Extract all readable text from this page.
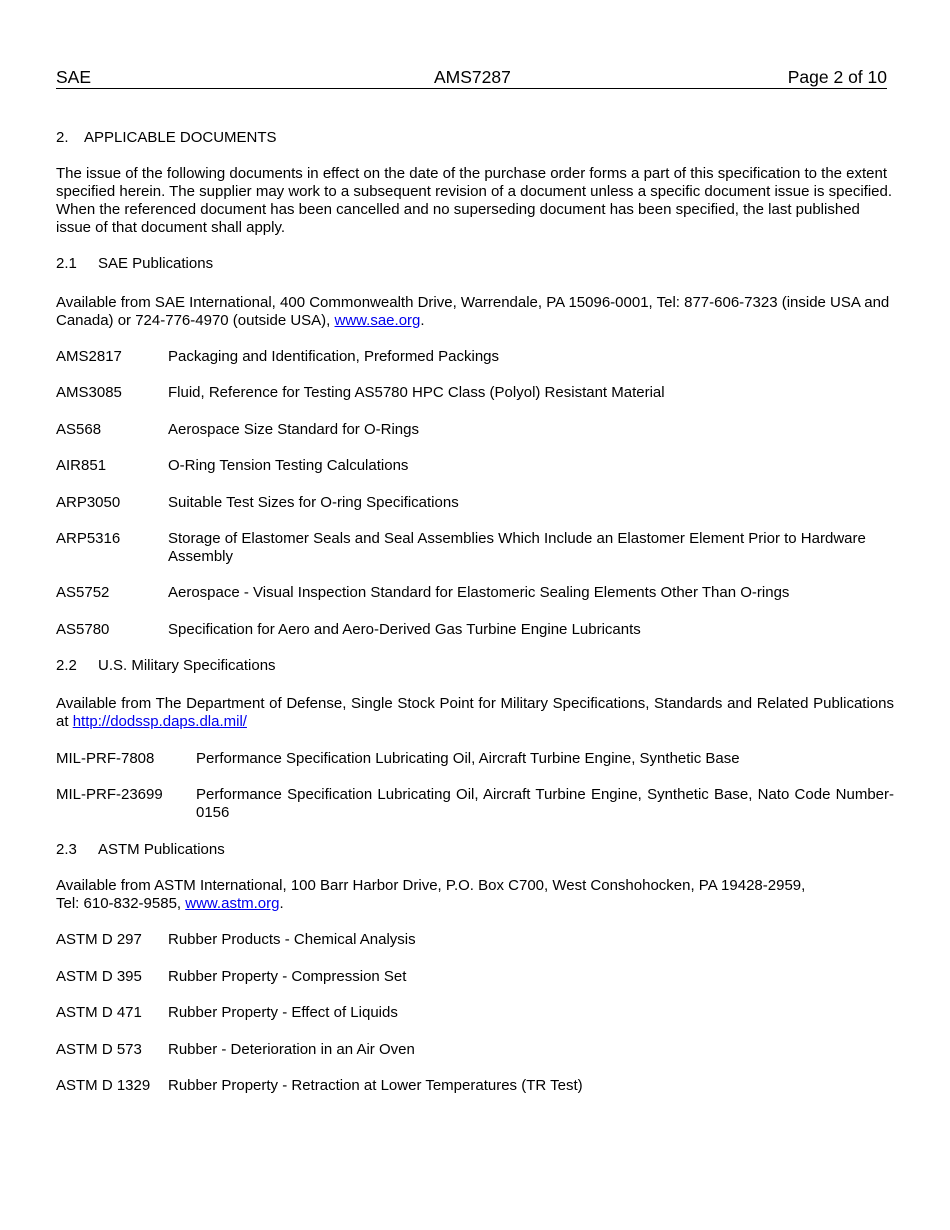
SAE	AMS7287	Page 2 of 10
2. APPLICABLE DOCUMENTS
The issue of the following documents in effect on the date of the purchase order forms a part of this specification to the extent specified herein. The supplier may work to a subsequent revision of a document unless a specific document issue is specified. When the referenced document has been cancelled and no superseding document has been specified, the last published issue of that document shall apply.
2.1 SAE Publications
Available from SAE International, 400 Commonwealth Drive, Warrendale, PA 15096-0001, Tel: 877-606-7323 (inside USA and Canada) or 724-776-4970 (outside USA), www.sae.org.
AMS2817	Packaging and Identification, Preformed Packings
AMS3085	Fluid, Reference for Testing AS5780 HPC Class (Polyol) Resistant Material
AS568	Aerospace Size Standard for O-Rings
AIR851	O-Ring Tension Testing Calculations
ARP3050	Suitable Test Sizes for O-ring Specifications
ARP5316	Storage of Elastomer Seals and Seal Assemblies Which Include an Elastomer Element Prior to Hardware Assembly
AS5752	Aerospace - Visual Inspection Standard for Elastomeric Sealing Elements Other Than O-rings
AS5780	Specification for Aero and Aero-Derived Gas Turbine Engine Lubricants
2.2 U.S. Military Specifications
Available from The Department of Defense, Single Stock Point for Military Specifications, Standards and Related Publications at http://dodssp.daps.dla.mil/
MIL-PRF-7808	Performance Specification Lubricating Oil, Aircraft Turbine Engine, Synthetic Base
MIL-PRF-23699 Performance Specification Lubricating Oil, Aircraft Turbine Engine, Synthetic Base, Nato Code Number-0156
2.3 ASTM Publications
Available from ASTM International, 100 Barr Harbor Drive, P.O. Box C700, West Conshohocken, PA 19428-2959,
Tel: 610-832-9585, www.astm.org.
ASTM D 297 Rubber Products - Chemical Analysis
ASTM D 395 Rubber Property - Compression Set
ASTM D 471 Rubber Property - Effect of Liquids
ASTM D 573 Rubber - Deterioration in an Air Oven
ASTM D 1329 Rubber Property - Retraction at Lower Temperatures (TR Test)
